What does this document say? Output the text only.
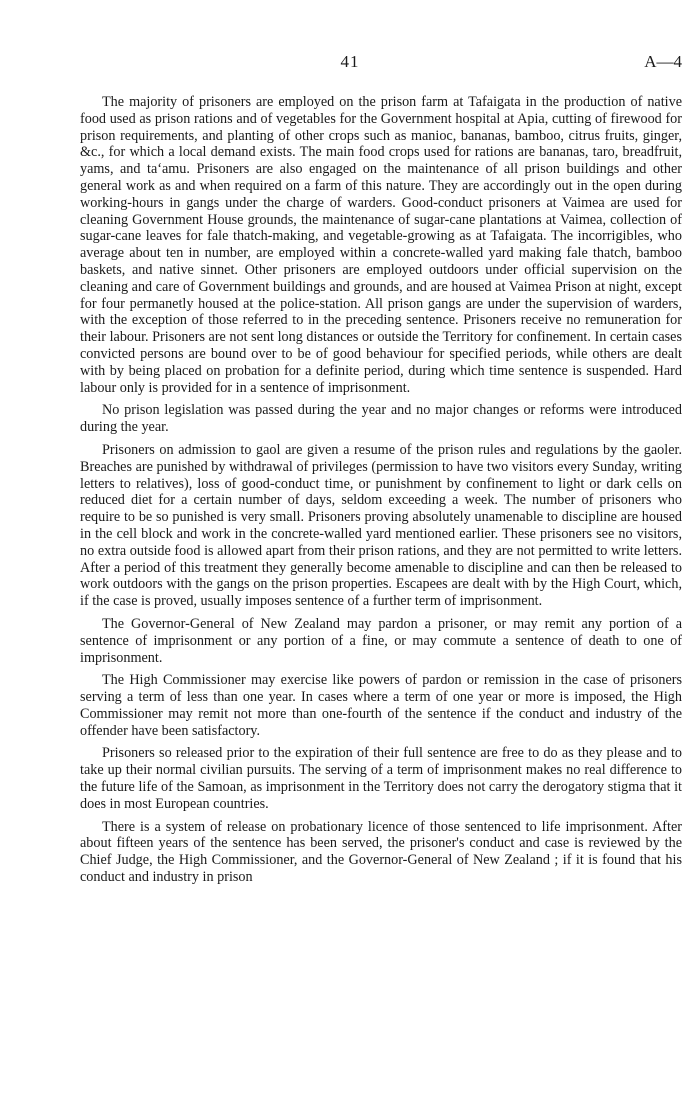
41	A—4

The majority of prisoners are employed on the prison farm at Tafaigata in the production of native food used as prison rations and of vegetables for the Government hospital at Apia, cutting of firewood for prison requirements, and planting of other crops such as manioc, bananas, bamboo, citrus fruits, ginger, &c., for which a local demand exists. The main food crops used for rations are bananas, taro, breadfruit, yams, and ta‘amu. Prisoners are also engaged on the maintenance of all prison buildings and other general work as and when required on a farm of this nature. They are accordingly out in the open during working-hours in gangs under the charge of warders. Good-conduct prisoners at Vaimea are used for cleaning Government House grounds, the maintenance of sugar-cane plantations at Vaimea, collection of sugar-cane leaves for fale thatch-making, and vegetable-growing as at Tafaigata. The incorrigibles, who average about ten in number, are employed within a concrete-walled yard making fale thatch, bamboo baskets, and native sinnet. Other prisoners are employed outdoors under official supervision on the cleaning and care of Government buildings and grounds, and are housed at Vaimea Prison at night, except for four permanetly housed at the police-station. All prison gangs are under the supervision of warders, with the exception of those referred to in the preceding sentence. Prisoners receive no remuneration for their labour. Prisoners are not sent long distances or outside the Territory for confinement. In certain cases convicted persons are bound over to be of good behaviour for specified periods, while others are dealt with by being placed on probation for a definite period, during which time sentence is suspended. Hard labour only is provided for in a sentence of imprisonment.

No prison legislation was passed during the year and no major changes or reforms were introduced during the year.

Prisoners on admission to gaol are given a resume of the prison rules and regulations by the gaoler. Breaches are punished by withdrawal of privileges (permission to have two visitors every Sunday, writing letters to relatives), loss of good-conduct time, or punishment by confinement to light or dark cells on reduced diet for a certain number of days, seldom exceeding a week. The number of prisoners who require to be so punished is very small. Prisoners proving absolutely unamenable to discipline are housed in the cell block and work in the concrete-walled yard mentioned earlier. These prisoners see no visitors, no extra outside food is allowed apart from their prison rations, and they are not permitted to write letters. After a period of this treatment they generally become amenable to discipline and can then be released to work outdoors with the gangs on the prison properties. Escapees are dealt with by the High Court, which, if the case is proved, usually imposes sentence of a further term of imprisonment.

The Governor-General of New Zealand may pardon a prisoner, or may remit any portion of a sentence of imprisonment or any portion of a fine, or may commute a sentence of death to one of imprisonment.

The High Commissioner may exercise like powers of pardon or remission in the case of prisoners serving a term of less than one year. In cases where a term of one year or more is imposed, the High Commissioner may remit not more than one-fourth of the sentence if the conduct and industry of the offender have been satisfactory.

Prisoners so released prior to the expiration of their full sentence are free to do as they please and to take up their normal civilian pursuits. The serving of a term of imprisonment makes no real difference to the future life of the Samoan, as imprisonment in the Territory does not carry the derogatory stigma that it does in most European countries.

There is a system of release on probationary licence of those sentenced to life imprisonment. After about fifteen years of the sentence has been served, the prisoner's conduct and case is reviewed by the Chief Judge, the High Commissioner, and the Governor-General of New Zealand ; if it is found that his conduct and industry in prison
